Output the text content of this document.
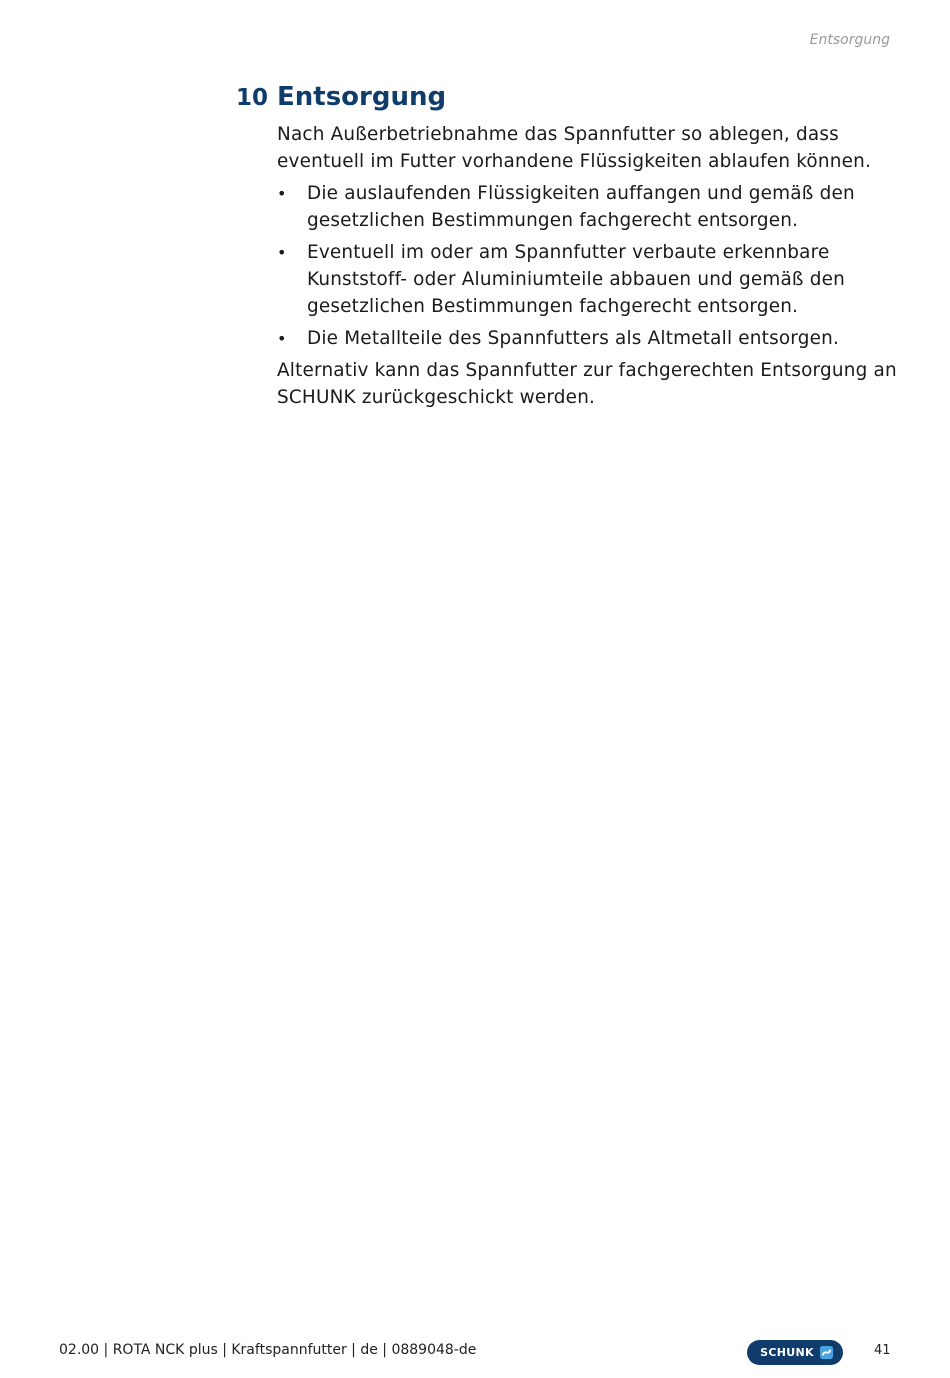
Entsorgung
10 Entsorgung

Nach Außerbetriebnahme das Spannfutter so ablegen, dass eventuell im Futter vorhandene Flüssigkeiten ablaufen können.

• Die auslaufenden Flüssigkeiten auffangen und gemäß den gesetzlichen Bestimmungen fachgerecht entsorgen.
• Eventuell im oder am Spannfutter verbaute erkennbare Kunststoff- oder Aluminiumteile abbauen und gemäß den gesetzlichen Bestimmungen fachgerecht entsorgen.
• Die Metallteile des Spannfutters als Altmetall entsorgen.

Alternativ kann das Spannfutter zur fachgerechten Entsorgung an SCHUNK zurückgeschickt werden.

02.00 | ROTA NCK plus | Kraftspannfutter | de | 0889048-de	SCHUNK	41
